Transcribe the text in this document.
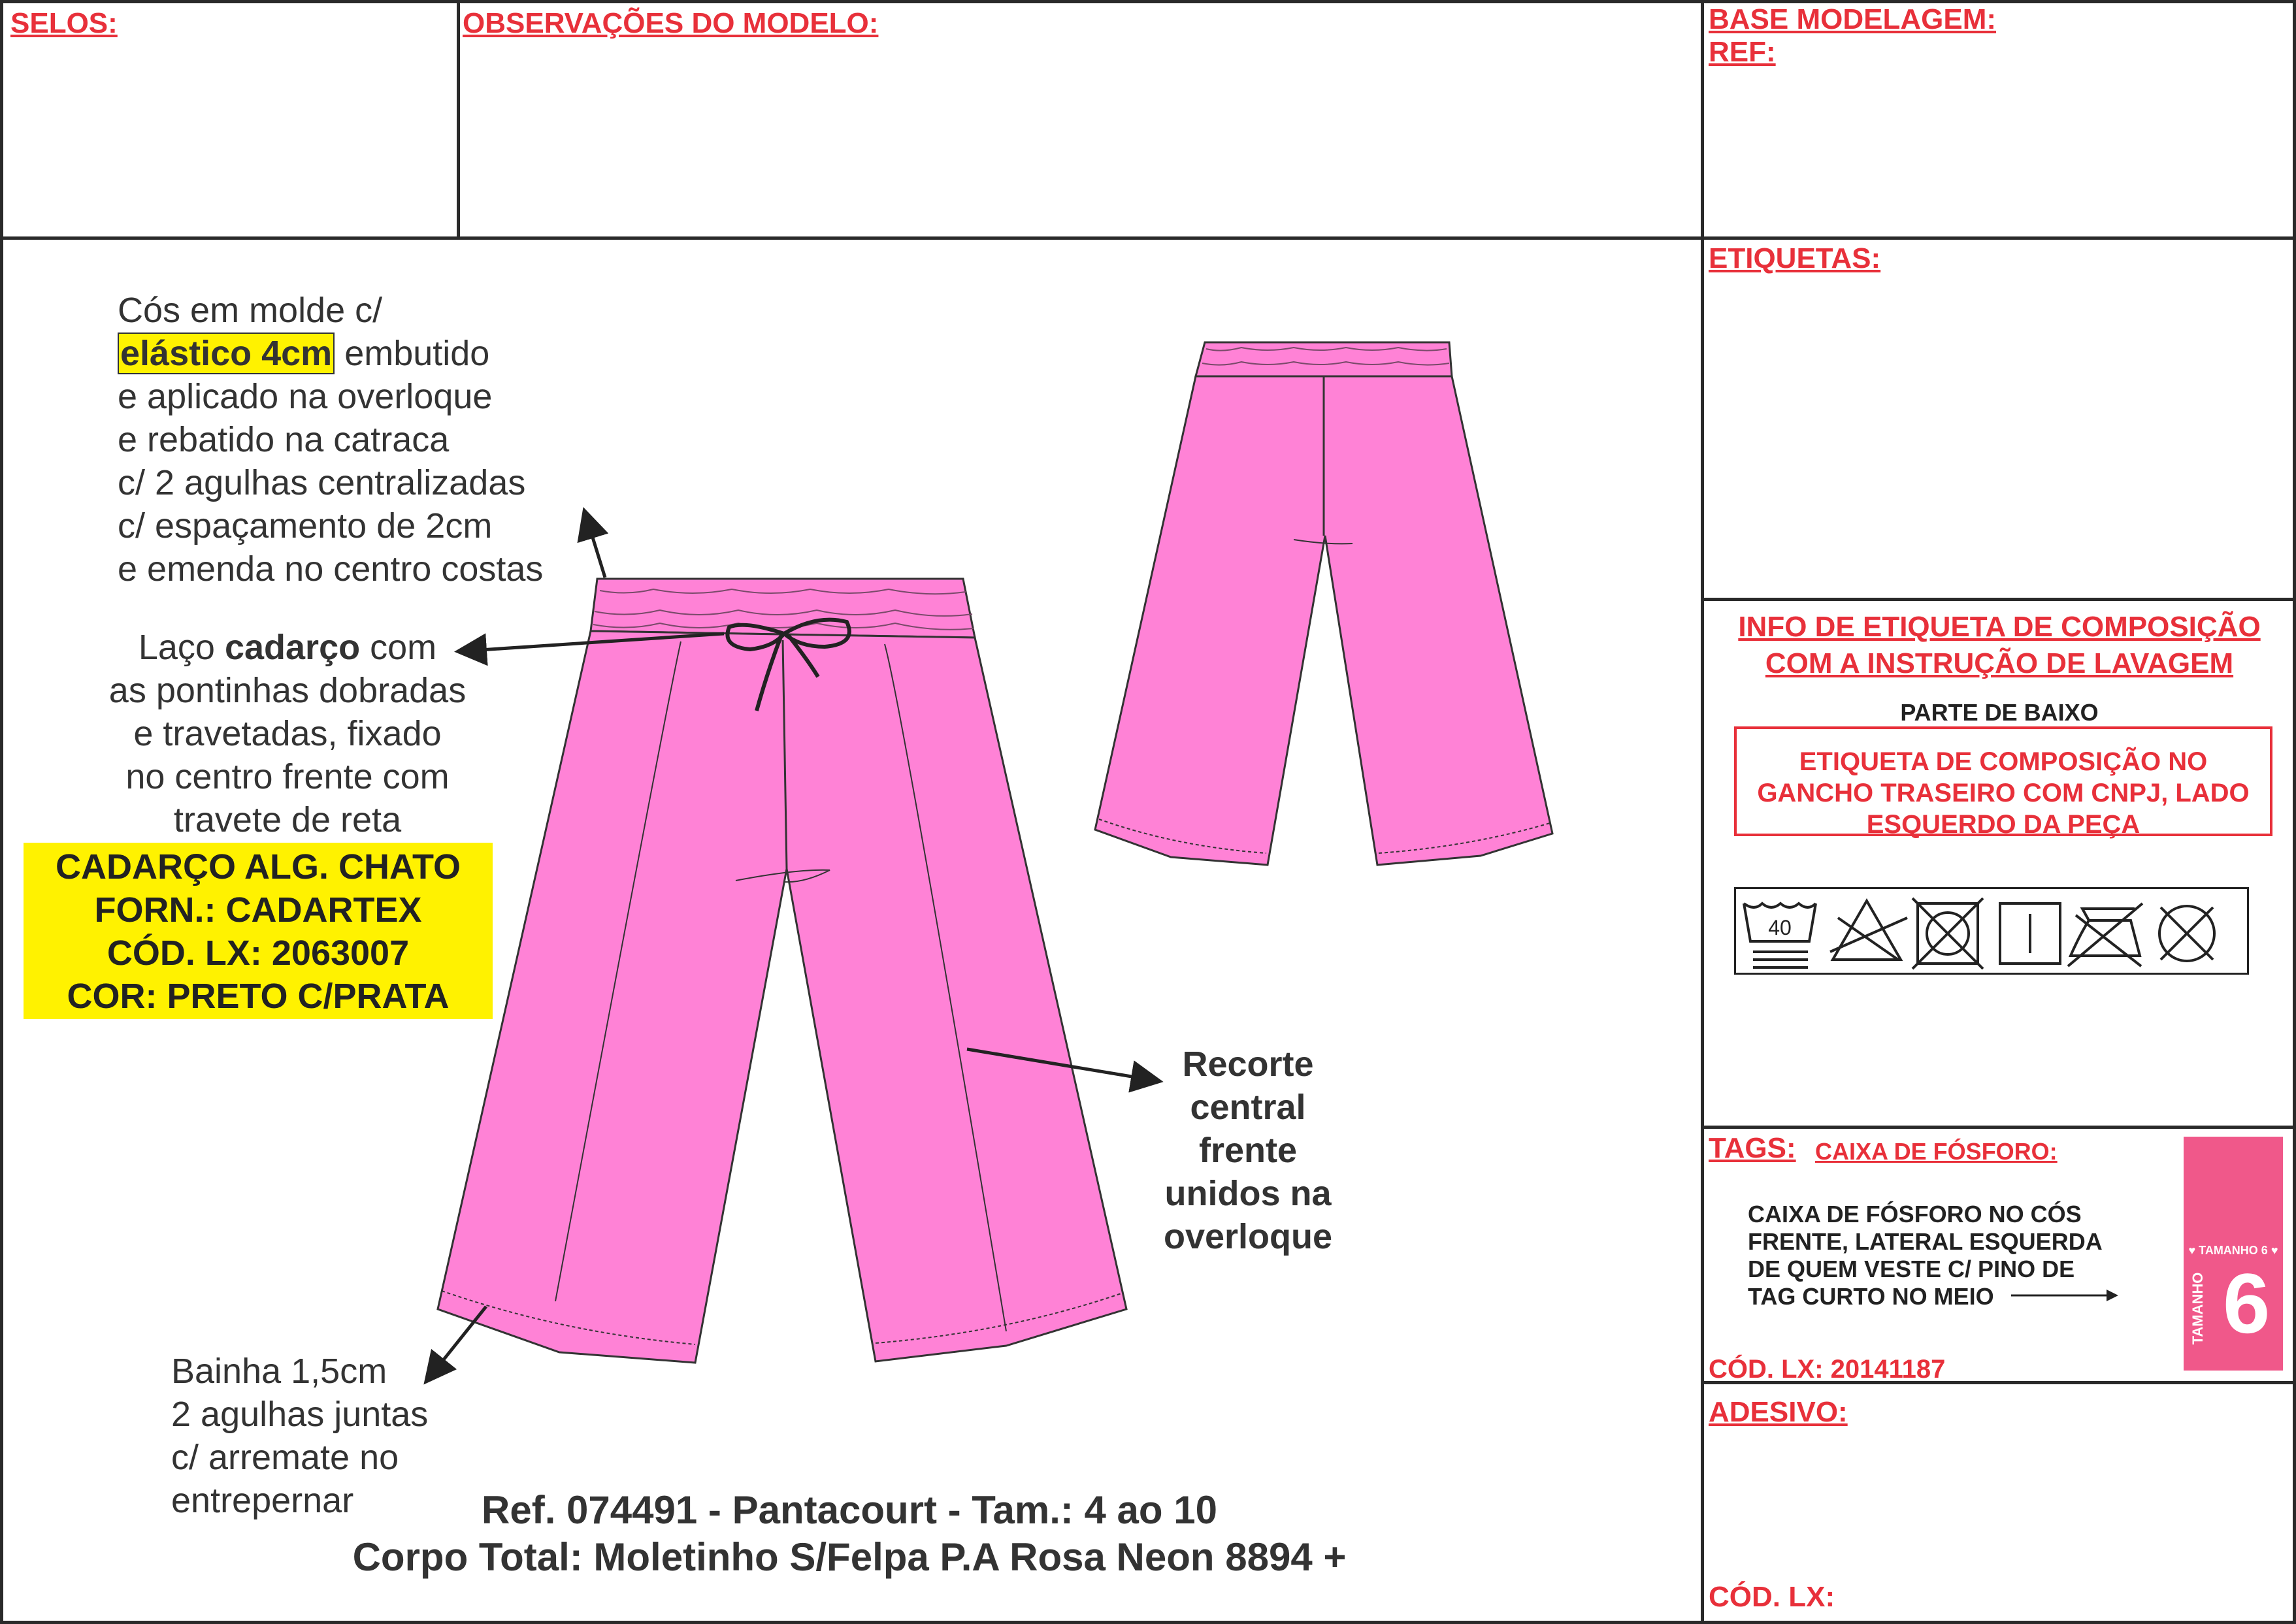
SELOS:	OBSERVAÇÕES DO MODELO:	BASE MODELAGEM:
REF:
ETIQUETAS:
INFO DE ETIQUETA DE COMPOSIÇÃO
COM A INSTRUÇÃO DE LAVAGEM
PARTE DE BAIXO
ETIQUETA DE COMPOSIÇÃO NO
GANCHO TRASEIRO COM CNPJ, LADO
ESQUERDO DA PEÇA
40
TAGS: CAIXA DE FÓSFORO:
CAIXA DE FÓSFORO NO CÓS
FRENTE, LATERAL ESQUERDA
DE QUEM VESTE C/ PINO DE
TAG CURTO NO MEIO
♥ TAMANHO 6 ♥
TAMANHO 6
CÓD. LX: 20141187
ADESIVO:
CÓD. LX:
Cós em molde c/
elástico 4cm embutido
e aplicado na overloque
e rebatido na catraca
c/ 2 agulhas centralizadas
c/ espaçamento de 2cm
e emenda no centro costas
Laço cadarço com
as pontinhas dobradas
e travetadas, fixado
no centro frente com
travete de reta
CADARÇO ALG. CHATO
FORN.: CADARTEX
CÓD. LX: 2063007
COR: PRETO C/PRATA
Recorte
central
frente
unidos na
overloque
Bainha 1,5cm
2 agulhas juntas
c/ arremate no
entrepernar	Ref. 074491 - Pantacourt - Tam.: 4 ao 10
Corpo Total: Moletinho S/Felpa P.A Rosa Neon 8894 +
